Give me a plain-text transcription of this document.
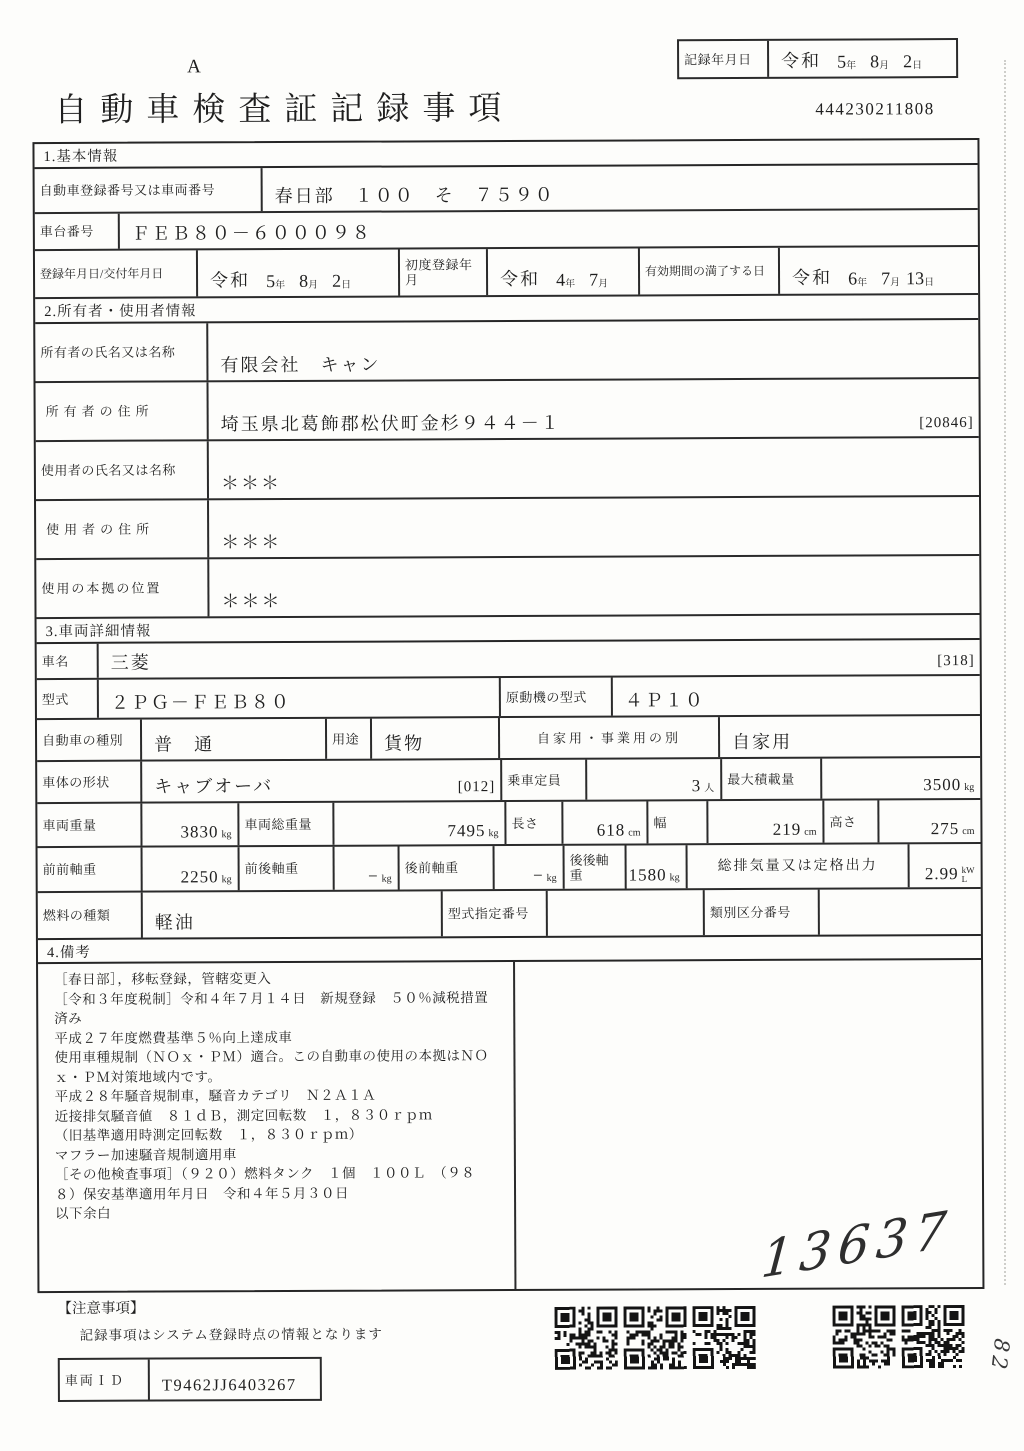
A
自動車検査証記録事項	444230211808
記録年月日	令和 5 年 8 月 2 日
1.基本情報
自動車登録番号又は車両番号	春日部　１００　そ　７５９０
車台番号	ＦＥＢ８０－６０００９８
登録年月日/交付年月日	令和 5 年 8 月 2 日
初度登録年月	令和 4 年 7 月
有効期間の満了する日	令和 6 年 7 月 13 日
2.所有者・使用者情報
所有者の氏名又は名称
有限会社　キャン
所有者の住所
埼玉県北葛飾郡松伏町金杉９４４－１	[20846]
使用者の氏名又は名称
＊＊＊
使用者の住所
＊＊＊
使用の本拠の位置
＊＊＊
3.車両詳細情報
車名	三菱	[318]
型式	２ＰＧ－ＦＥＢ８０	原動機の型式	４Ｐ１０
自動車の種別	普　通	用途	貨物	自家用・事業用の別	自家用
車体の形状	キャブオーバ	[012] 乗車定員	3 人
最大積載量	3500 kg
車両重量	3830 kg
車両総重量	7495 kg
長さ	618 cm
幅	219 cm
高さ	275 cm
前前軸重	2250 kg
前後軸重	− kg
後前軸重	− kg
後後軸重	1580 kg
総排気量又は定格出力	2.99 kW
L
燃料の種類	軽油	型式指定番号	類別区分番号
4.備考
［春日部］，移転登録，管轄変更入
［令和３年度税制］令和４年７月１４日　新規登録　５０％減税措置
済み
平成２７年度燃費基準５％向上達成車
使用車種規制（ＮＯｘ・ＰＭ）適合。この自動車の使用の本拠はＮＯ
ｘ・ＰＭ対策地域内です。
平成２８年騒音規制車，騒音カテゴリ　Ｎ２Ａ１Ａ
近接排気騒音値　８１ｄＢ，測定回転数　１，８３０ｒｐｍ
（旧基準適用時測定回転数　１，８３０ｒｐｍ）
マフラー加速騒音規制適用車
［その他検査事項］（９２０）燃料タンク　１個　１００Ｌ　（９８
８）保安基準適用年月日　令和４年５月３０日
以下余白	13637
【注意事項】
記録事項はシステム登録時点の情報となります
車両ＩＤ	T9462JJ6403267
82
